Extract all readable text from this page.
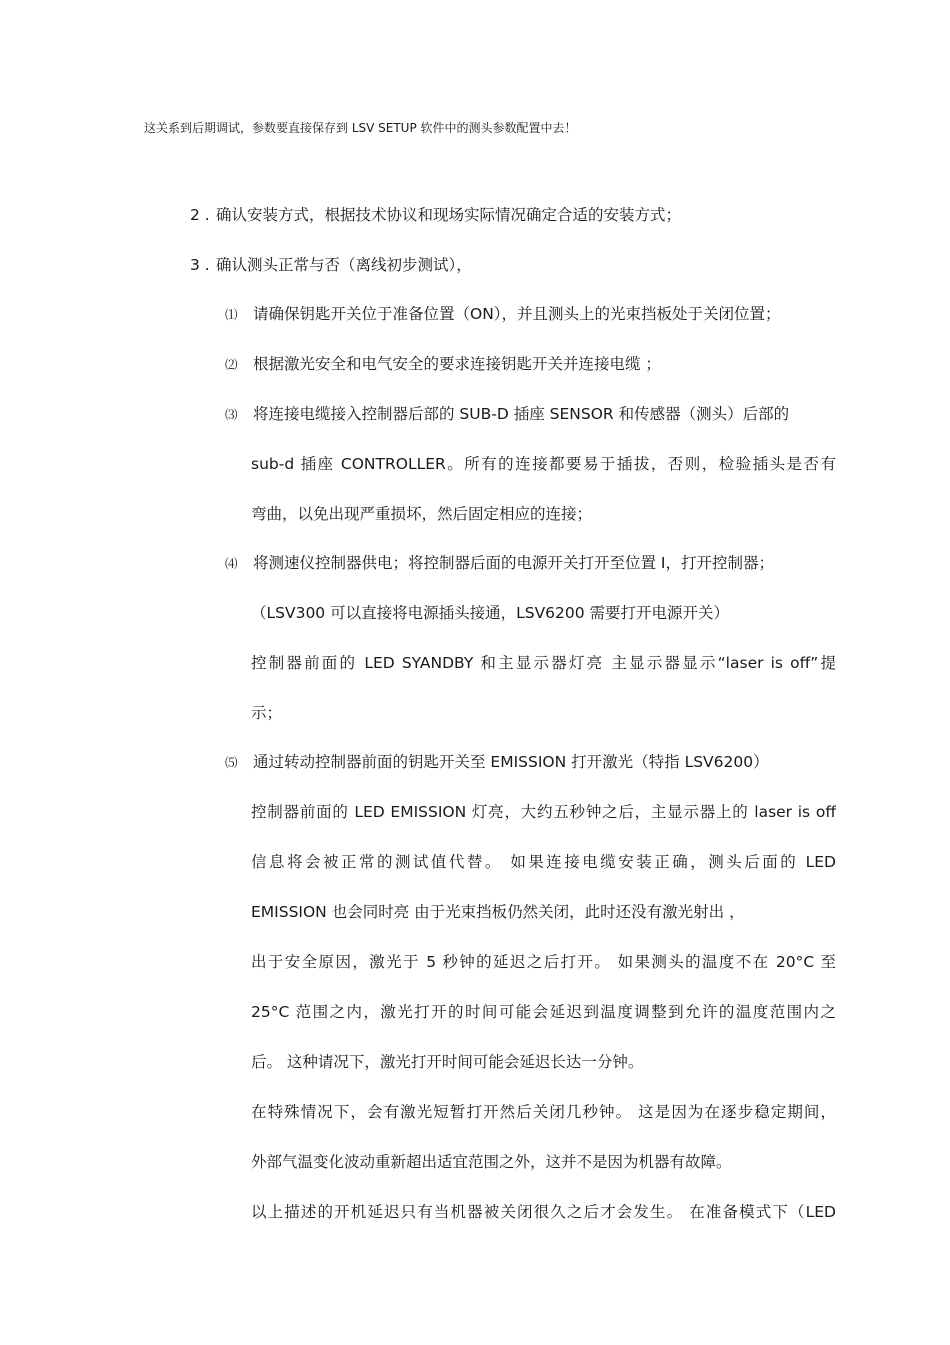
这关系到后期调试，参数要直接保存到 LSV SETUP 软件中的测头参数配置中去！
2 . 确认安装方式，根据技术协议和现场实际情况确定合适的安装方式；
3 . 确认测头正常与否（离线初步测试），
⑴ 请确保钥匙开关位于准备位置（ON），并且测头上的光束挡板处于关闭位置；
⑵ 根据激光安全和电气安全的要求连接钥匙开关并连接电缆 ；
⑶ 将连接电缆接入控制器后部的 SUB-D 插座 SENSOR 和传感器（测头）后部的
sub-d 插座 CONTROLLER。所有的连接都要易于插拔，否则，检验插头是否有
弯曲，以免出现严重损坏，然后固定相应的连接；
⑷ 将测速仪控制器供电；将控制器后面的电源开关打开至位置 I，打开控制器；
（LSV300 可以直接将电源插头接通，LSV6200 需要打开电源开关）
控制器前面的 LED SYANDBY 和主显示器灯亮 主显示器显示“laser is off”提
示；
⑸ 通过转动控制器前面的钥匙开关至 EMISSION 打开激光（特指 LSV6200）
控制器前面的 LED EMISSION 灯亮，大约五秒钟之后，主显示器上的 laser is off
信息将会被正常的测试值代替。 如果连接电缆安装正确，测头后面的 LED
EMISSION 也会同时亮 由于光束挡板仍然关闭，此时还没有激光射出 ，
出于安全原因，激光于 5 秒钟的延迟之后打开。 如果测头的温度不在 20°C 至
25°C 范围之内，激光打开的时间可能会延迟到温度调整到允许的温度范围内之
后。 这种请况下，激光打开时间可能会延迟长达一分钟。
在特殊情况下，会有激光短暂打开然后关闭几秒钟。 这是因为在逐步稳定期间，
外部气温变化波动重新超出适宜范围之外，这并不是因为机器有故障。
以上描述的开机延迟只有当机器被关闭很久之后才会发生。 在准备模式下（LED
